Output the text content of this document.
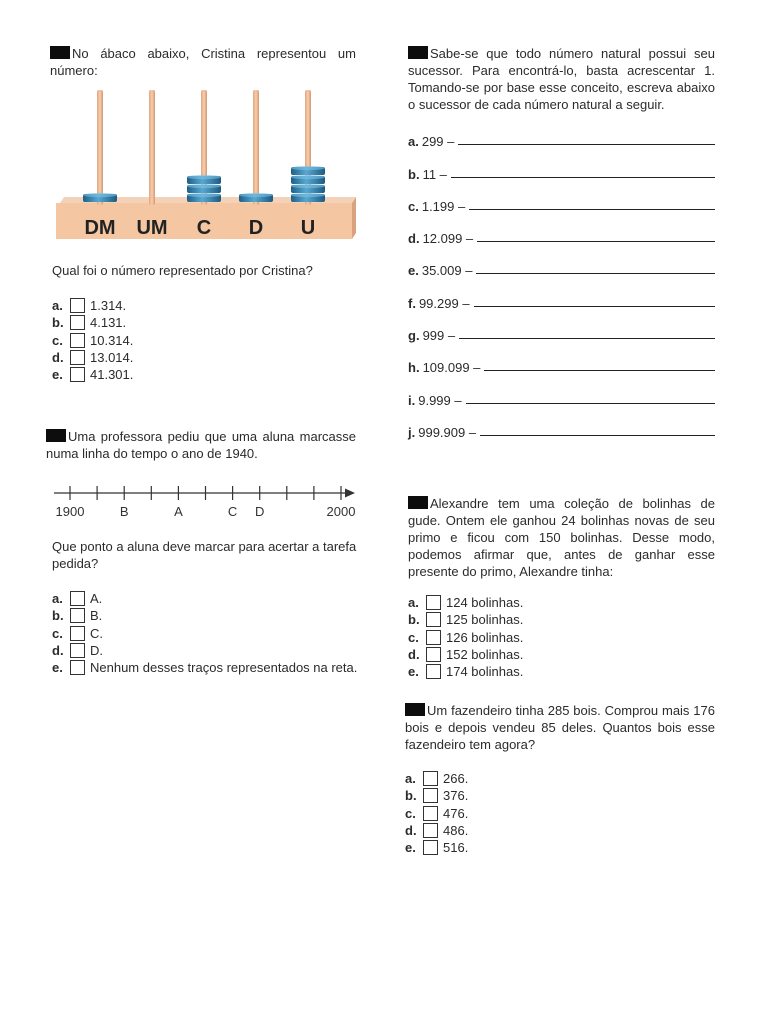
No ábaco abaixo, Cristina representou um número:

DM UM C D U

Qual foi o número representado por Cristina?

a.	1.314.
b.	4.131.
c.	10.314.
d.	13.014.
e.	41.301.

Uma professora pediu que uma aluna marcasse numa linha do tempo o ano de 1940.

1900	2000
B	A	C D

Que ponto a aluna deve marcar para acertar a tarefa pedida?

a.	A.
b.	B.
c.	C.
d.	D.
e.	Nenhum desses traços representados na reta.

Sabe-se que todo número natural possui seu sucessor. Para encontrá-lo, basta acrescentar 1. Tomando-se por base esse conceito, escreva abaixo o sucessor de cada número natural a seguir.

a. 299 –
b. 11 –
c. 1.199 –
d. 12.099 –
e. 35.009 –
f. 99.299 –
g. 999 –
h. 109.099 –
i. 9.999 –
j. 999.909 –

Alexandre tem uma coleção de bolinhas de gude. Ontem ele ganhou 24 bolinhas novas de seu primo e ficou com 150 bolinhas. Desse modo, podemos afirmar que, antes de ganhar esse presente do primo, Alexandre tinha:

a.	124 bolinhas.
b.	125 bolinhas.
c.	126 bolinhas.
d.	152 bolinhas.
e.	174 bolinhas.

Um fazendeiro tinha 285 bois. Comprou mais 176 bois e depois vendeu 85 deles. Quantos bois esse fazendeiro tem agora?

a.	266.
b.	376.
c.	476.
d.	486.
e.	516.
